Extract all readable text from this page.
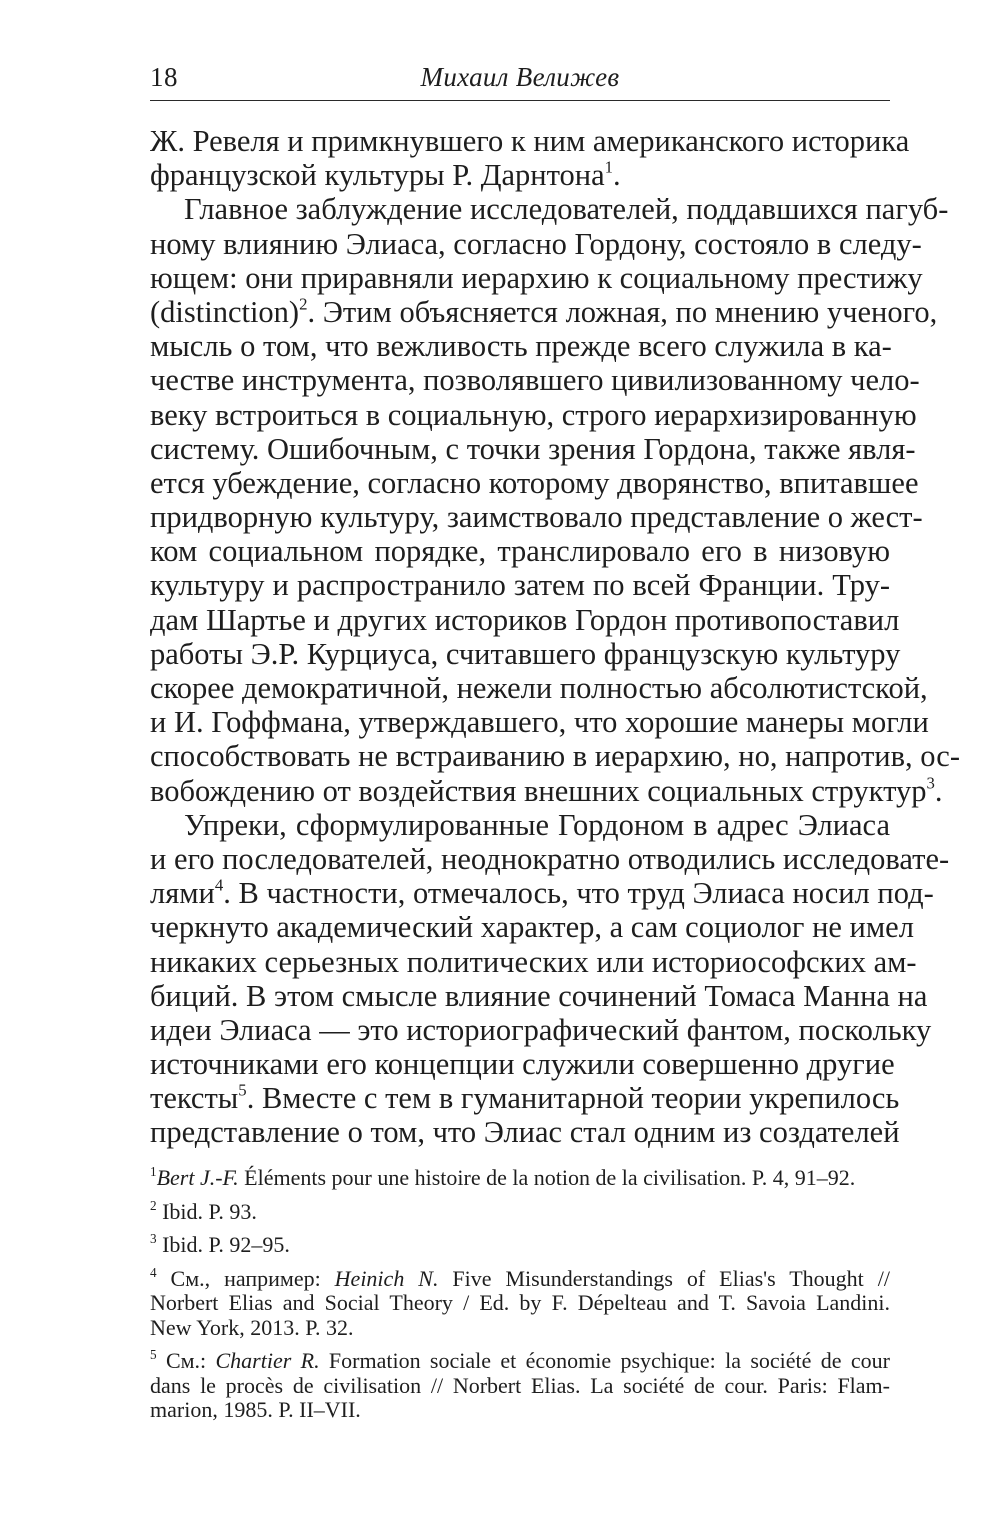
18	Михаил Велижев
Ж. Ревеля и примкнувшего к ним американского историка
французской культуры Р. Дарнтона$^1$.
Главное заблуждение исследователей, поддавшихся пагуб-
ному влиянию Элиаса, согласно Гордону, состояло в следу-
ющем: они приравняли иерархию к социальному престижу
(distinction)$^2$. Этим объясняется ложная, по мнению ученого,
мысль о том, что вежливость прежде всего служила в ка-
честве инструмента, позволявшего цивилизованному чело-
веку встроиться в социальную, строго иерархизированную
систему. Ошибочным, с точки зрения Гордона, также явля-
ется убеждение, согласно которому дворянство, впитавшее
придворную культуру, заимствовало представление о жест-
ком социальном порядке, транслировало его в низовую
культуру и распространило затем по всей Франции. Тру-
дам Шартье и других историков Гордон противопоставил
работы Э.Р. Курциуса, считавшего французскую культуру
скорее демократичной, нежели полностью абсолютистской,
и И. Гоффмана, утверждавшего, что хорошие манеры могли
способствовать не встраиванию в иерархию, но, напротив, ос-
вобождению от воздействия внешних социальных структур$^3$.
Упреки, сформулированные Гордоном в адрес Элиаса
и его последователей, неоднократно отводились исследовате-
лями$^4$. В частности, отмечалось, что труд Элиаса носил под-
черкнуто академический характер, а сам социолог не имел
никаких серьезных политических или историософских ам-
биций. В этом смысле влияние сочинений Томаса Манна на
идеи Элиаса — это историографический фантом, поскольку
источниками его концепции служили совершенно другие
тексты$^5$. Вместе с тем в гуманитарной теории укрепилось
представление о том, что Элиас стал одним из создателей
$^1$Bert J.-F. Éléments pour une histoire de la notion de la civilisation. P. 4, 91–92.
$^2$ Ibid. P. 93.
$^3$ Ibid. P. 92–95.
$^4$ См., например: Heinich N. Five Misunderstandings of Elias's Thought //
Norbert Elias and Social Theory / Ed. by F. Dépelteau and T. Savoia Landini.
New York, 2013. P. 32.
$^5$ См.: Chartier R. Formation sociale et économie psychique: la société de cour
dans le procès de civilisation // Norbert Elias. La société de cour. Paris: Flam-
marion, 1985. P. II–VII.
